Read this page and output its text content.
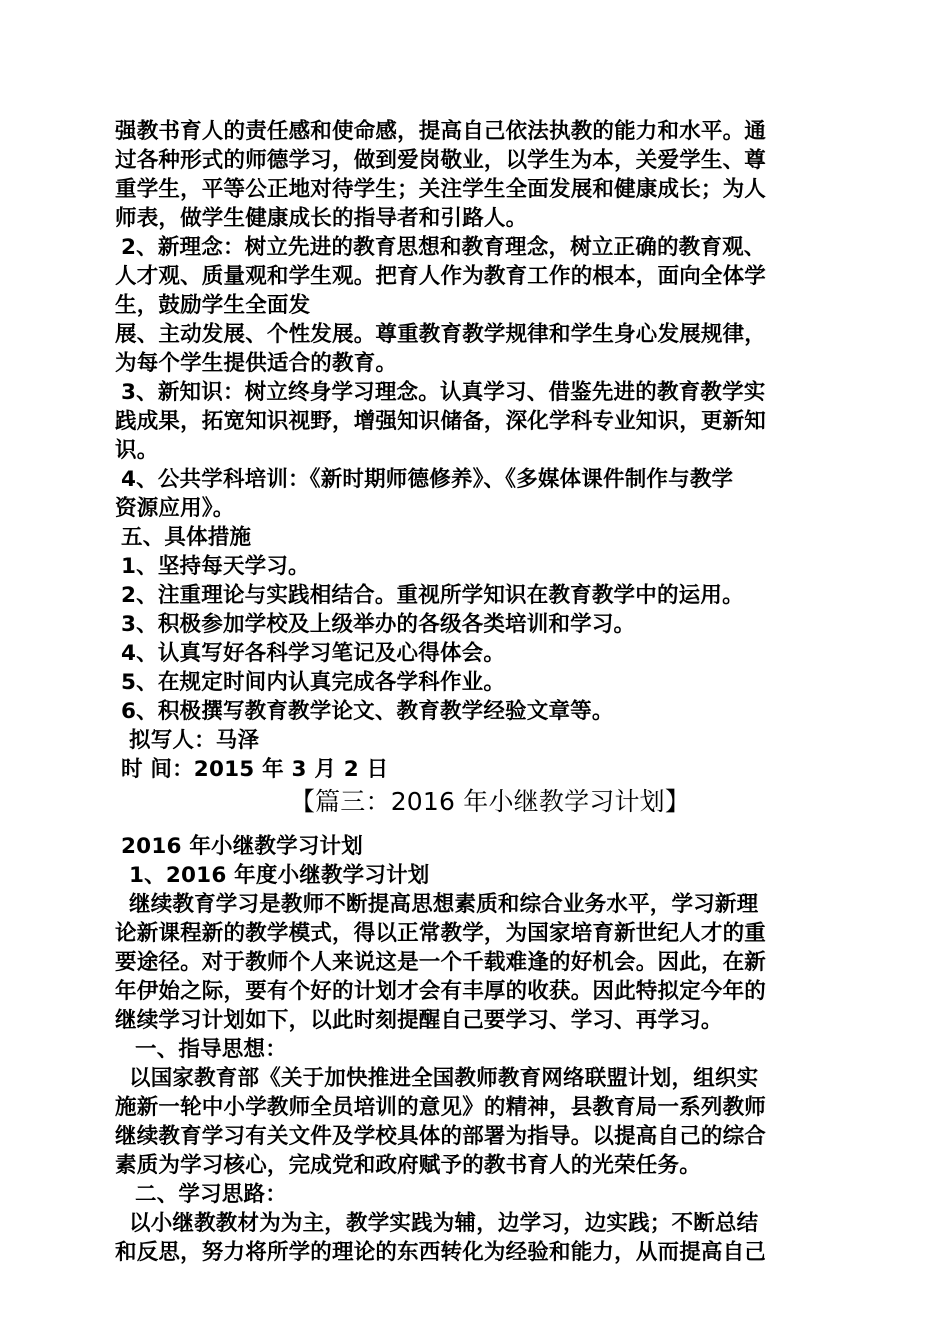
强教书育人的责任感和使命感，提高自己依法执教的能力和水平。通
过各种形式的师德学习，做到爱岗敬业，以学生为本，关爱学生、尊
重学生，平等公正地对待学生；关注学生全面发展和健康成长；为人
师表，做学生健康成长的指导者和引路人。
2、新理念：树立先进的教育思想和教育理念，树立正确的教育观、
人才观、质量观和学生观。把育人作为教育工作的根本，面向全体学
生，鼓励学生全面发
展、主动发展、个性发展。尊重教育教学规律和学生身心发展规律，
为每个学生提供适合的教育。
3、新知识：树立终身学习理念。认真学习、借鉴先进的教育教学实
践成果，拓宽知识视野，增强知识储备，深化学科专业知识，更新知
识。
4、公共学科培训：《新时期师德修养》、《多媒体课件制作与教学
资源应用》。
五、具体措施
1、坚持每天学习。
2、注重理论与实践相结合。重视所学知识在教育教学中的运用。
3、积极参加学校及上级举办的各级各类培训和学习。
4、认真写好各科学习笔记及心得体会。
5、在规定时间内认真完成各学科作业。
6、积极撰写教育教学论文、教育教学经验文章等。
拟写人：马泽
时 间：2015 年 3 月 2 日
【篇三：2016 年小继教学习计划】
2016 年小继教学习计划
1、2016 年度小继教学习计划
继续教育学习是教师不断提高思想素质和综合业务水平，学习新理
论新课程新的教学模式，得以正常教学，为国家培育新世纪人才的重
要途径。对于教师个人来说这是一个千载难逢的好机会。因此，在新
年伊始之际，要有个好的计划才会有丰厚的收获。因此特拟定今年的
继续学习计划如下，以此时刻提醒自己要学习、学习、再学习。
一、指导思想：
以国家教育部《关于加快推进全国教师教育网络联盟计划，组织实
施新一轮中小学教师全员培训的意见》的精神，县教育局一系列教师
继续教育学习有关文件及学校具体的部署为指导。以提高自己的综合
素质为学习核心，完成党和政府赋予的教书育人的光荣任务。
二、学习思路：
以小继教教材为为主，教学实践为辅，边学习，边实践；不断总结
和反思，努力将所学的理论的东西转化为经验和能力，从而提高自己
